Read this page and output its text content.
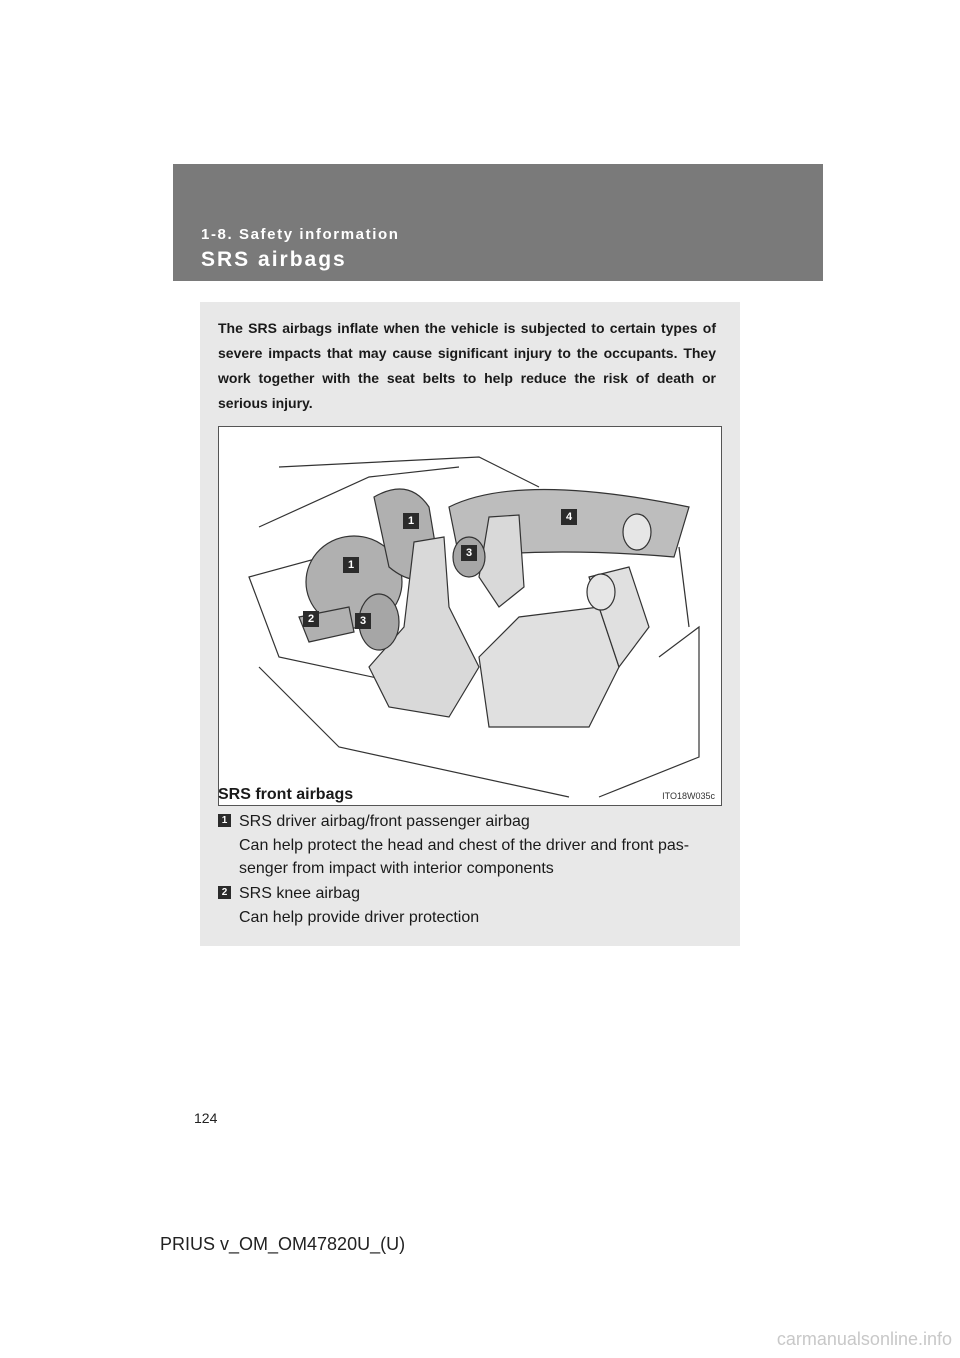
1-8. Safety information
SRS airbags
The SRS airbags inflate when the vehicle is subjected to certain types of severe impacts that may cause significant injury to the occupants. They work together with the seat belts to help reduce the risk of death or serious injury.
1
1
2	3
3
4
ITO18W035c
SRS front airbags
1 SRS driver airbag/front passenger airbag
Can help protect the head and chest of the driver and front pas-senger from impact with interior components
2 SRS knee airbag
Can help provide driver protection
124
PRIUS v_OM_OM47820U_(U)
carmanualsonline.info
